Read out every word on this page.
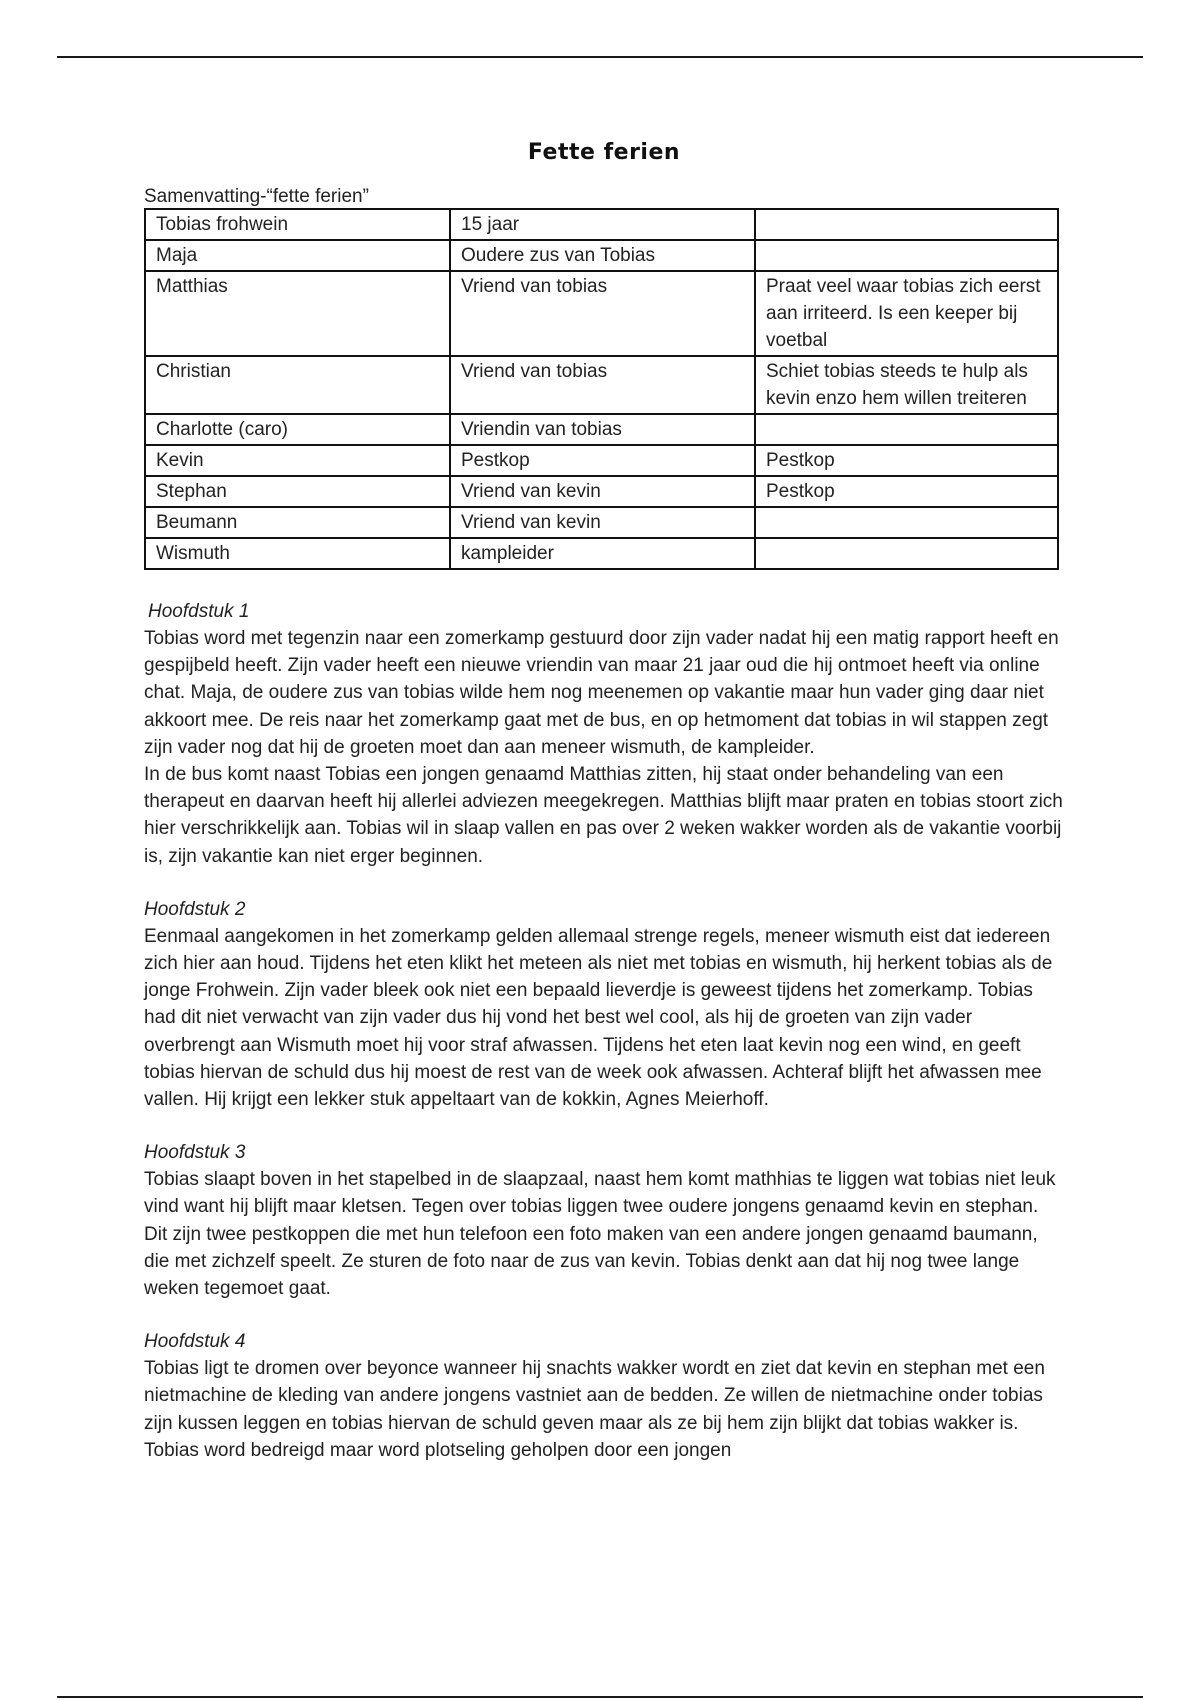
Fette ferien
Samenvatting-“fette ferien”
Tobias frohwein	15 jaar	
Maja	Oudere zus van Tobias	
Matthias	Vriend van tobias	Praat veel waar tobias zich eerst aan irriteerd. Is een keeper bij voetbal
Christian	Vriend van tobias	Schiet tobias steeds te hulp als kevin enzo hem willen treiteren
Charlotte (caro)	Vriendin van tobias	
Kevin	Pestkop	Pestkop
Stephan	Vriend van kevin	Pestkop
Beumann	Vriend van kevin	
Wismuth	kampleider	
Hoofdstuk 1

Tobias word met tegenzin naar een zomerkamp gestuurd door zijn vader nadat hij een matig rapport heeft en gespijbeld heeft. Zijn vader heeft een nieuwe vriendin van maar 21 jaar oud die hij ontmoet heeft via online chat. Maja, de oudere zus van tobias wilde hem nog meenemen op vakantie maar hun vader ging daar niet akkoort mee. De reis naar het zomerkamp gaat met de bus, en op hetmoment dat tobias in wil stappen zegt zijn vader nog dat hij de groeten moet dan aan meneer wismuth, de kampleider.

In de bus komt naast Tobias een jongen genaamd Matthias zitten, hij staat onder behandeling van een therapeut en daarvan heeft hij allerlei adviezen meegekregen. Matthias blijft maar praten en tobias stoort zich hier verschrikkelijk aan. Tobias wil in slaap vallen en pas over 2 weken wakker worden als de vakantie voorbij is, zijn vakantie kan niet erger beginnen.

Hoofdstuk 2

Eenmaal aangekomen in het zomerkamp gelden allemaal strenge regels, meneer wismuth eist dat iedereen zich hier aan houd. Tijdens het eten klikt het meteen als niet met tobias en wismuth, hij herkent tobias als de jonge Frohwein. Zijn vader bleek ook niet een bepaald lieverdje is geweest tijdens het zomerkamp. Tobias had dit niet verwacht van zijn vader dus hij vond het best wel cool, als hij de groeten van zijn vader overbrengt aan Wismuth moet hij voor straf afwassen. Tijdens het eten laat kevin nog een wind, en geeft tobias hiervan de schuld dus hij moest de rest van de week ook afwassen. Achteraf blijft het afwassen mee vallen. Hij krijgt een lekker stuk appeltaart van de kokkin, Agnes Meierhoff.

Hoofdstuk 3

Tobias slaapt boven in het stapelbed in de slaapzaal, naast hem komt mathhias te liggen wat tobias niet leuk vind want hij blijft maar kletsen. Tegen over tobias liggen twee oudere jongens genaamd kevin en stephan. Dit zijn twee pestkoppen die met hun telefoon een foto maken van een andere jongen genaamd baumann, die met zichzelf speelt. Ze sturen de foto naar de zus van kevin. Tobias denkt aan dat hij nog twee lange weken tegemoet gaat.

Hoofdstuk 4

Tobias ligt te dromen over beyonce wanneer hij snachts wakker wordt en ziet dat kevin en stephan met een nietmachine de kleding van andere jongens vastniet aan de bedden. Ze willen de nietmachine onder tobias zijn kussen leggen en tobias hiervan de schuld geven maar als ze bij hem zijn blijkt dat tobias wakker is. Tobias word bedreigd maar word plotseling geholpen door een jongen
